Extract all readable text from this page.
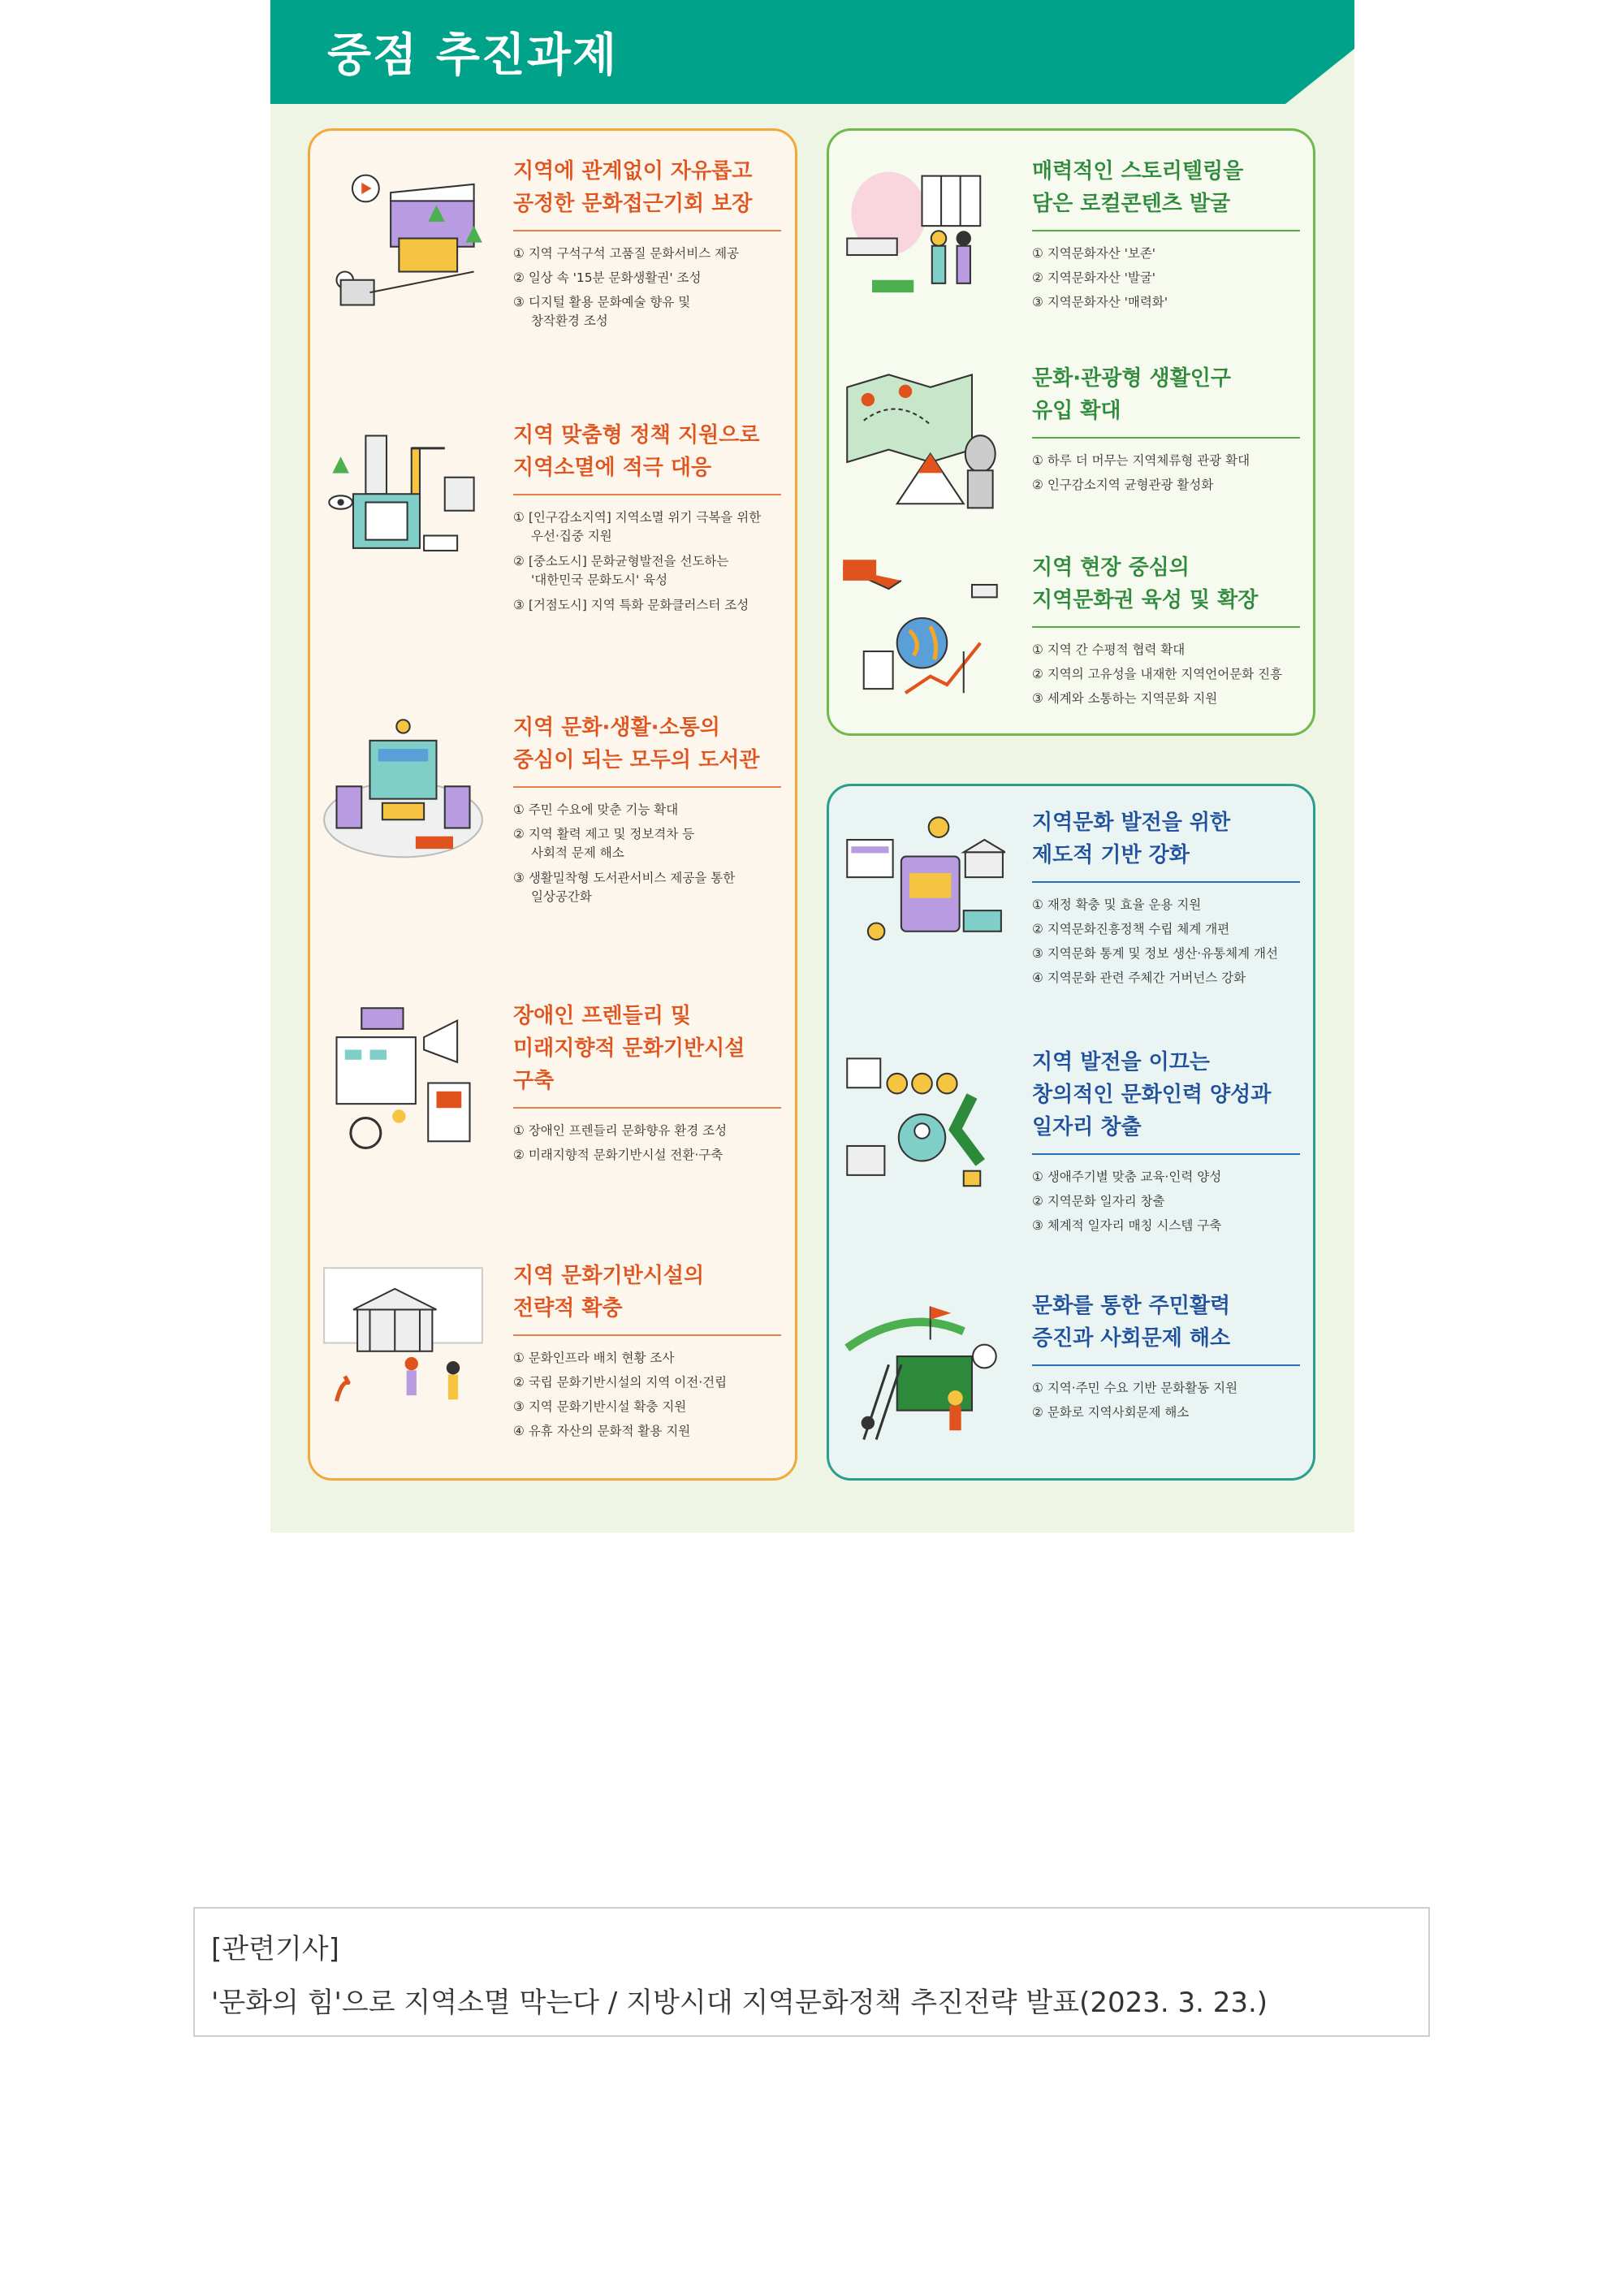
중점 추진과제
지역에 관계없이 자유롭고
공정한 문화접근기회 보장
① 지역 구석구석 고품질 문화서비스 제공
② 일상 속 '15분 문화생활권' 조성
③ 디지털 활용 문화예술 향유 및
창작환경 조성
지역 맞춤형 정책 지원으로
지역소멸에 적극 대응
① [인구감소지역] 지역소멸 위기 극복을 위한
우선·집중 지원
② [중소도시] 문화균형발전을 선도하는
'대한민국 문화도시' 육성
③ [거점도시] 지역 특화 문화클러스터 조성
지역 문화·생활·소통의
중심이 되는 모두의 도서관
① 주민 수요에 맞춘 기능 확대
② 지역 활력 제고 및 정보격차 등
사회적 문제 해소
③ 생활밀착형 도서관서비스 제공을 통한
일상공간화
장애인 프렌들리 및
미래지향적 문화기반시설
구축
① 장애인 프렌들리 문화향유 환경 조성
② 미래지향적 문화기반시설 전환·구축
지역 문화기반시설의
전략적 확충
① 문화인프라 배치 현황 조사
② 국립 문화기반시설의 지역 이전·건립
③ 지역 문화기반시설 확충 지원
④ 유휴 자산의 문화적 활용 지원
매력적인 스토리텔링을
담은 로컬콘텐츠 발굴
① 지역문화자산 '보존'
② 지역문화자산 '발굴'
③ 지역문화자산 '매력화'
문화·관광형 생활인구
유입 확대
① 하루 더 머무는 지역체류형 관광 확대
② 인구감소지역 균형관광 활성화
지역 현장 중심의
지역문화권 육성 및 확장
① 지역 간 수평적 협력 확대
② 지역의 고유성을 내재한 지역언어문화 진흥
③ 세계와 소통하는 지역문화 지원
지역문화 발전을 위한
제도적 기반 강화
① 재정 확충 및 효율 운용 지원
② 지역문화진흥정책 수립 체계 개편
③ 지역문화 통계 및 정보 생산·유통체계 개선
④ 지역문화 관련 주체간 거버넌스 강화
지역 발전을 이끄는
창의적인 문화인력 양성과
일자리 창출
① 생애주기별 맞춤 교육·인력 양성
② 지역문화 일자리 창출
③ 체계적 일자리 매칭 시스템 구축
문화를 통한 주민활력
증진과 사회문제 해소
① 지역·주민 수요 기반 문화활동 지원
② 문화로 지역사회문제 해소
[관련기사]
'문화의 힘'으로 지역소멸 막는다 / 지방시대 지역문화정책 추진전략 발표(2023. 3. 23.)
